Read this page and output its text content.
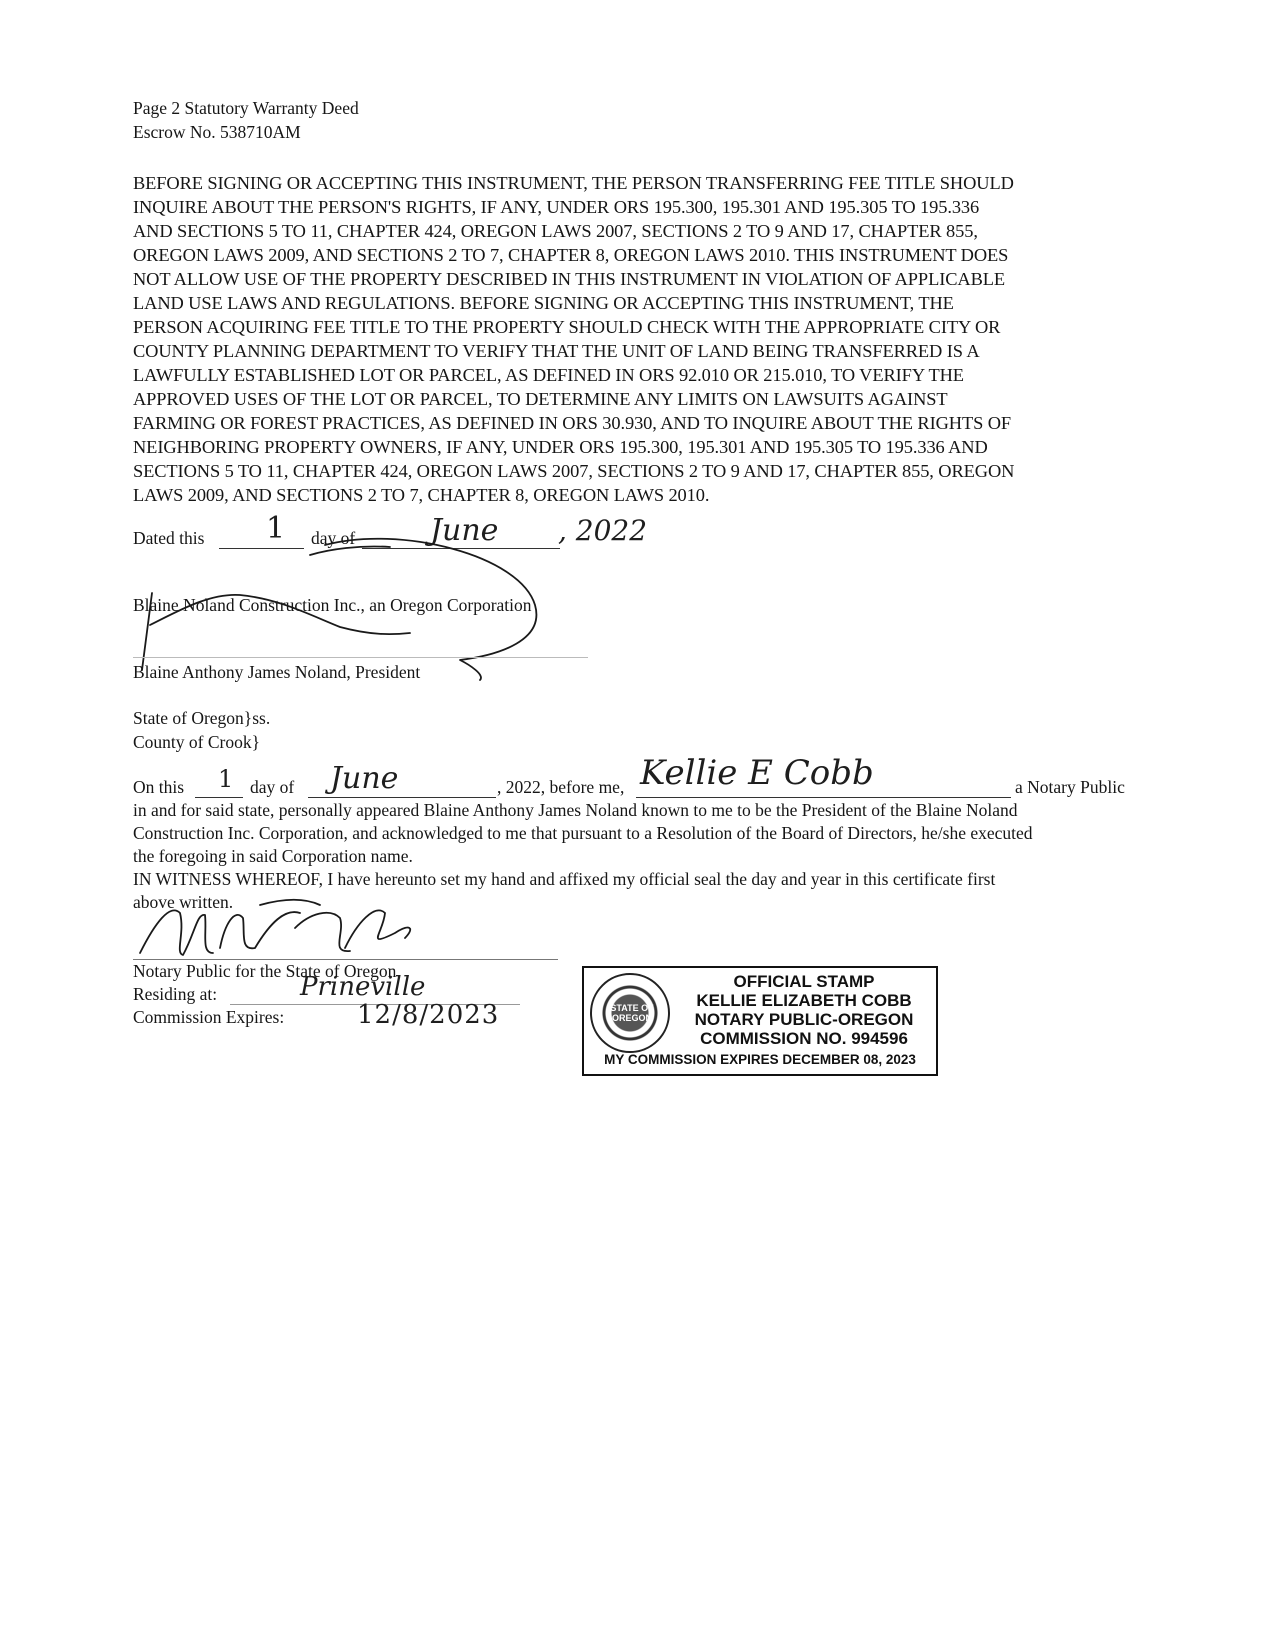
Page 2 Statutory Warranty Deed
Escrow No. 538710AM
BEFORE SIGNING OR ACCEPTING THIS INSTRUMENT, THE PERSON TRANSFERRING FEE TITLE SHOULD
INQUIRE ABOUT THE PERSON'S RIGHTS, IF ANY, UNDER ORS 195.300, 195.301 AND 195.305 TO 195.336
AND SECTIONS 5 TO 11, CHAPTER 424, OREGON LAWS 2007, SECTIONS 2 TO 9 AND 17, CHAPTER 855,
OREGON LAWS 2009, AND SECTIONS 2 TO 7, CHAPTER 8, OREGON LAWS 2010. THIS INSTRUMENT DOES
NOT ALLOW USE OF THE PROPERTY DESCRIBED IN THIS INSTRUMENT IN VIOLATION OF APPLICABLE
LAND USE LAWS AND REGULATIONS. BEFORE SIGNING OR ACCEPTING THIS INSTRUMENT, THE
PERSON ACQUIRING FEE TITLE TO THE PROPERTY SHOULD CHECK WITH THE APPROPRIATE CITY OR
COUNTY PLANNING DEPARTMENT TO VERIFY THAT THE UNIT OF LAND BEING TRANSFERRED IS A
LAWFULLY ESTABLISHED LOT OR PARCEL, AS DEFINED IN ORS 92.010 OR 215.010, TO VERIFY THE
APPROVED USES OF THE LOT OR PARCEL, TO DETERMINE ANY LIMITS ON LAWSUITS AGAINST
FARMING OR FOREST PRACTICES, AS DEFINED IN ORS 30.930, AND TO INQUIRE ABOUT THE RIGHTS OF
NEIGHBORING PROPERTY OWNERS, IF ANY, UNDER ORS 195.300, 195.301 AND 195.305 TO 195.336 AND
SECTIONS 5 TO 11, CHAPTER 424, OREGON LAWS 2007, SECTIONS 2 TO 9 AND 17, CHAPTER 855, OREGON
LAWS 2009, AND SECTIONS 2 TO 7, CHAPTER 8, OREGON LAWS 2010.
Dated this 1 day of June , 2022
Blaine Noland Construction Inc., an Oregon Corporation
Blaine Anthony James Noland, President
State of Oregon}ss.
County of Crook}
On this 1 day of June	, 2022, before me, Kellie E Cobb	a Notary Public
in and for said state, personally appeared Blaine Anthony James Noland known to me to be the President of the Blaine Noland
Construction Inc. Corporation, and acknowledged to me that pursuant to a Resolution of the Board of Directors, he/she executed
the foregoing in said Corporation name.
IN WITNESS WHEREOF, I have hereunto set my hand and affixed my official seal the day and year in this certificate first
above written.
Notary Public for the State of Oregon
Residing at:	Prineville
Commission Expires:	12/8/2023	STATE OF OREGON
OFFICIAL STAMP
KELLIE ELIZABETH COBB
NOTARY PUBLIC-OREGON
COMMISSION NO. 994596
MY COMMISSION EXPIRES DECEMBER 08, 2023
